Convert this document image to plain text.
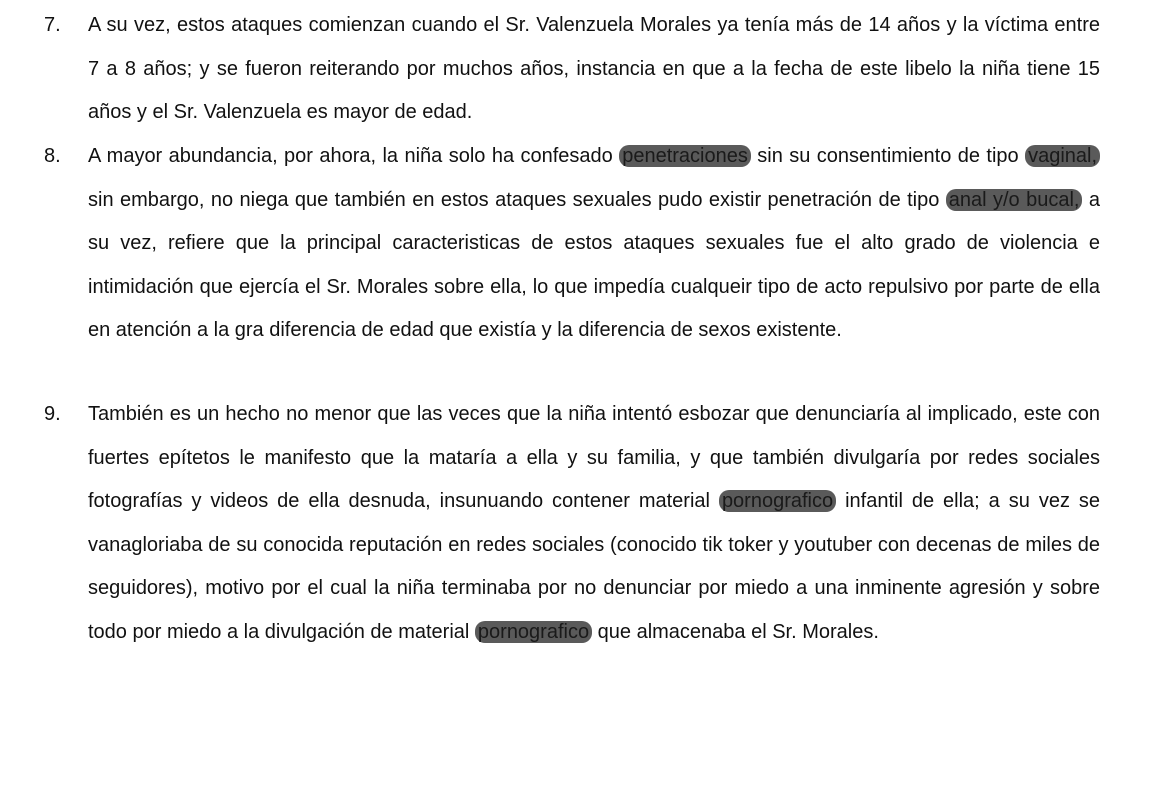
7. A su vez, estos ataques comienzan cuando el Sr. Valenzuela Morales ya tenía más de 14 años y la víctima entre 7 a 8 años; y se fueron reiterando por muchos años, instancia en que a la fecha de este libelo la niña tiene 15 años y el Sr. Valenzuela es mayor de edad.

8. A mayor abundancia, por ahora, la niña solo ha confesado penetraciones sin su consentimiento de tipo vaginal, sin embargo, no niega que también en estos ataques sexuales pudo existir penetración de tipo anal y/o bucal, a su vez, refiere que la principal caracteristicas de estos ataques sexuales fue el alto grado de violencia e intimidación que ejercía el Sr. Morales sobre ella, lo que impedía cualqueir tipo de acto repulsivo por parte de ella en atención a la gra diferencia de edad que existía y la diferencia de sexos existente.

9. También es un hecho no menor que las veces que la niña intentó esbozar que denunciaría al implicado, este con fuertes epítetos le manifesto que la mataría a ella y su familia, y que también divulgaría por redes sociales fotografías y videos de ella desnuda, insunuando contener material pornografico infantil de ella; a su vez se vanagloriaba de su conocida reputación en redes sociales (conocido tik toker y youtuber con decenas de miles de seguidores), motivo por el cual la niña terminaba por no denunciar por miedo a una inminente agresión y sobre todo por miedo a la divulgación de material pornografico que almacenaba el Sr. Morales.
